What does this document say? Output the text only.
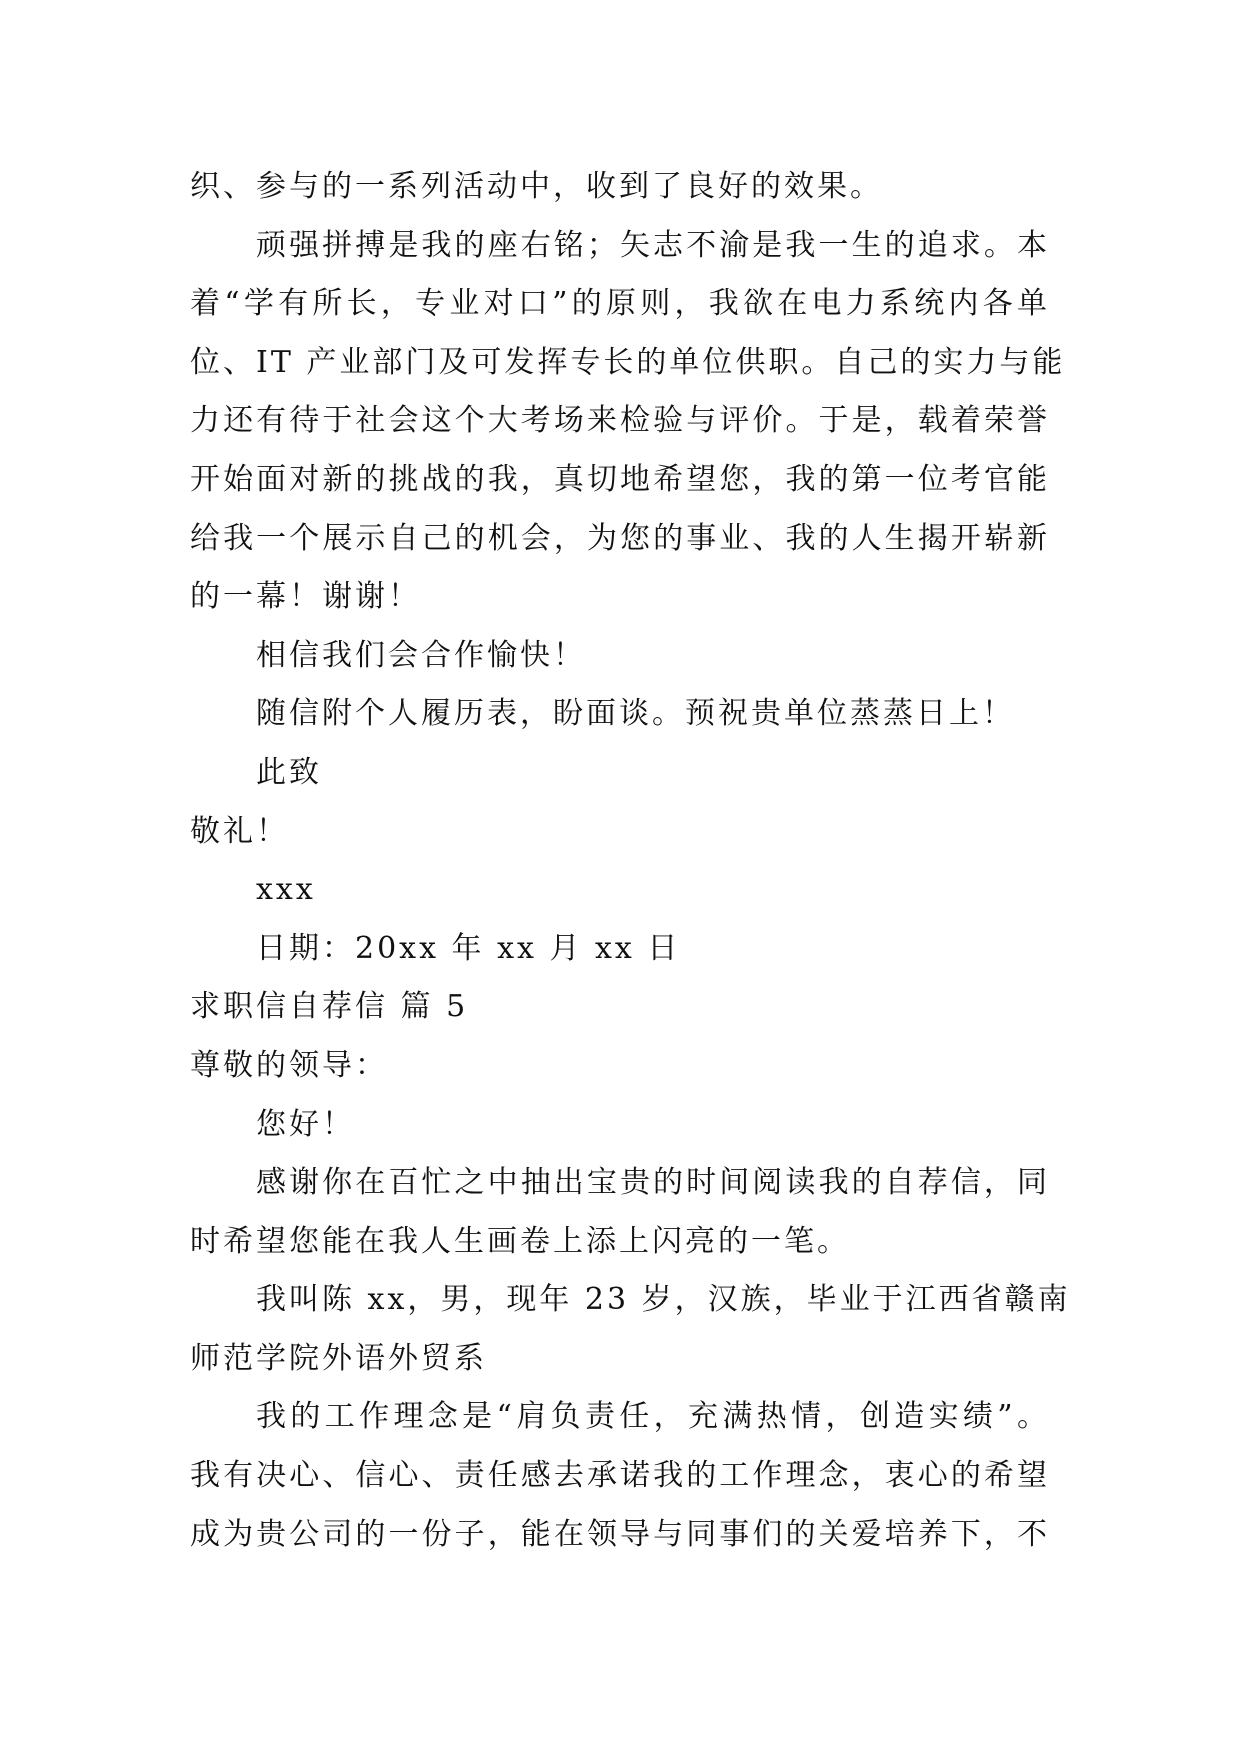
织、参与的一系列活动中，收到了良好的效果。
顽强拼搏是我的座右铭；矢志不渝是我一生的追求。本
着“学有所长，专业对口”的原则，我欲在电力系统内各单
位、IT 产业部门及可发挥专长的单位供职。自己的实力与能
力还有待于社会这个大考场来检验与评价。于是，载着荣誉
开始面对新的挑战的我，真切地希望您，我的第一位考官能
给我一个展示自己的机会，为您的事业、我的人生揭开崭新
的一幕！谢谢！
相信我们会合作愉快！
随信附个人履历表，盼面谈。预祝贵单位蒸蒸日上！
此致
敬礼！
xxx
日期：20xx 年 xx 月 xx 日
求职信自荐信 篇 5
尊敬的领导：
您好！
感谢你在百忙之中抽出宝贵的时间阅读我的自荐信，同
时希望您能在我人生画卷上添上闪亮的一笔。
我叫陈 xx，男，现年 23 岁，汉族，毕业于江西省赣南
师范学院外语外贸系
我的工作理念是“肩负责任，充满热情，创造实绩”。
我有决心、信心、责任感去承诺我的工作理念，衷心的希望
成为贵公司的一份子，能在领导与同事们的关爱培养下，不
